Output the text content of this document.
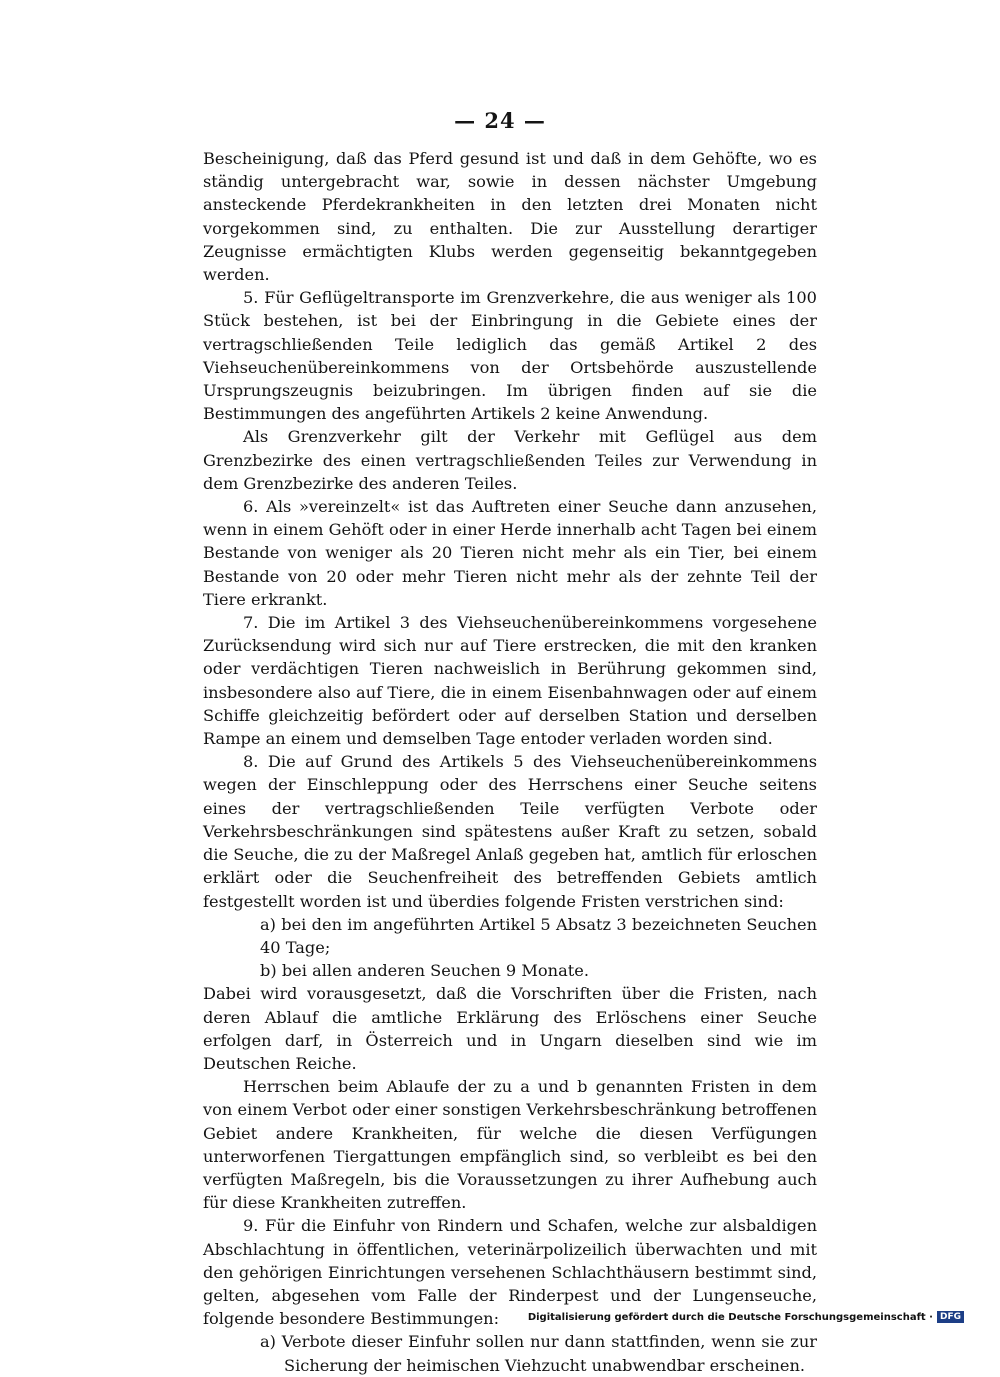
— 24 —

Bescheinigung, daß das Pferd gesund ist und daß in dem Gehöfte, wo es ständig untergebracht war, sowie in dessen nächster Umgebung ansteckende Pferdekrankheiten in den letzten drei Monaten nicht vorgekommen sind, zu enthalten. Die zur Ausstellung derartiger Zeugnisse ermächtigten Klubs werden gegenseitig bekanntgegeben werden.

5. Für Geflügeltransporte im Grenzverkehre, die aus weniger als 100 Stück bestehen, ist bei der Einbringung in die Gebiete eines der vertragschließenden Teile lediglich das gemäß Artikel 2 des Viehseuchenübereinkommens von der Ortsbehörde auszustellende Ursprungszeugnis beizubringen. Im übrigen finden auf sie die Bestimmungen des angeführten Artikels 2 keine Anwendung.

Als Grenzverkehr gilt der Verkehr mit Geflügel aus dem Grenzbezirke des einen vertragschließenden Teiles zur Verwendung in dem Grenzbezirke des anderen Teiles.

6. Als »vereinzelt« ist das Auftreten einer Seuche dann anzusehen, wenn in einem Gehöft oder in einer Herde innerhalb acht Tagen bei einem Bestande von weniger als 20 Tieren nicht mehr als ein Tier, bei einem Bestande von 20 oder mehr Tieren nicht mehr als der zehnte Teil der Tiere erkrankt.

7. Die im Artikel 3 des Viehseuchenübereinkommens vorgesehene Zurücksendung wird sich nur auf Tiere erstrecken, die mit den kranken oder verdächtigen Tieren nachweislich in Berührung gekommen sind, insbesondere also auf Tiere, die in einem Eisenbahnwagen oder auf einem Schiffe gleichzeitig befördert oder auf derselben Station und derselben Rampe an einem und demselben Tage entoder verladen worden sind.

8. Die auf Grund des Artikels 5 des Viehseuchenübereinkommens wegen der Einschleppung oder des Herrschens einer Seuche seitens eines der vertragschließenden Teile verfügten Verbote oder Verkehrsbeschränkungen sind spätestens außer Kraft zu setzen, sobald die Seuche, die zu der Maßregel Anlaß gegeben hat, amtlich für erloschen erklärt oder die Seuchenfreiheit des betreffenden Gebiets amtlich festgestellt worden ist und überdies folgende Fristen verstrichen sind:

a) bei den im angeführten Artikel 5 Absatz 3 bezeichneten Seuchen 40 Tage;

b) bei allen anderen Seuchen 9 Monate.

Dabei wird vorausgesetzt, daß die Vorschriften über die Fristen, nach deren Ablauf die amtliche Erklärung des Erlöschens einer Seuche erfolgen darf, in Österreich und in Ungarn dieselben sind wie im Deutschen Reiche.

Herrschen beim Ablaufe der zu a und b genannten Fristen in dem von einem Verbot oder einer sonstigen Verkehrsbeschränkung betroffenen Gebiet andere Krankheiten, für welche die diesen Verfügungen unterworfenen Tiergattungen empfänglich sind, so verbleibt es bei den verfügten Maßregeln, bis die Voraussetzungen zu ihrer Aufhebung auch für diese Krankheiten zutreffen.

9. Für die Einfuhr von Rindern und Schafen, welche zur alsbaldigen Abschlachtung in öffentlichen, veterinärpolizeilich überwachten und mit den gehörigen Einrichtungen versehenen Schlachthäusern bestimmt sind, gelten, abgesehen vom Falle der Rinderpest und der Lungenseuche, folgende besondere Bestimmungen:

a) Verbote dieser Einfuhr sollen nur dann stattfinden, wenn sie zur Sicherung der heimischen Viehzucht unabwendbar erscheinen.

Digitalisierung gefördert durch die Deutsche Forschungsgemeinschaft · DFG
